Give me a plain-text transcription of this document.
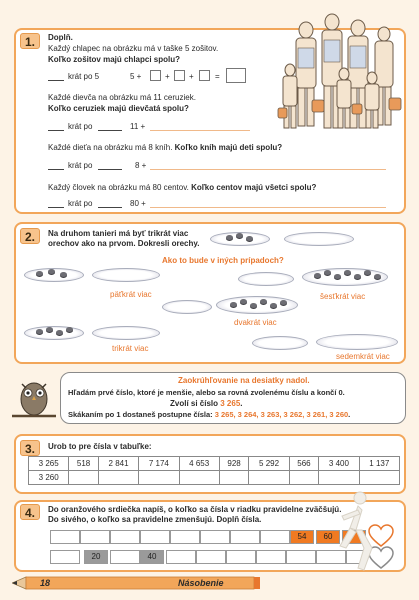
1.	Doplň.
Každý chlapec na obrázku má v taške 5 zošitov.
Koľko zošitov majú chlapci spolu?
krát po 5	5 +	+ +	=
Každé dievča na obrázku má 11 ceruziek.
Koľko ceruziek majú dievčatá spolu?
krát po	11 +
Každé dieťa na obrázku má 8 kníh. Koľko kníh majú deti spolu?
krát po	8 +
Každý človek na obrázku má 80 centov. Koľko centov majú všetci spolu?
krát po	80 +
2.	Na druhom tanieri má byť trikrát viac
orechov ako na prvom. Dokresli orechy.
Ako to bude v iných prípadoch?
päťkrát viac	šesťkrát viac
dvakrát viac
trikrát viac
sedemkrát viac
Zaokrúhľovanie na desiatky nadol.
Hľadám prvé číslo, ktoré je menšie, alebo sa rovná zvolenému číslu a končí 0.
Zvolí si číslo 3 265.
Skákaním po 1 dostaneš postupne čísla: 3 265, 3 264, 3 263, 3 262, 3 261, 3 260.
3.	Urob to pre čísla v tabuľke:
3 265	518	2 841	7 174	4 653	928	5 292	566	3 400	1 137
3 260									
4.	Do oranžového srdiečka napíš, o koľko sa čísla v riadku pravidelne zväčšujú.
Do sivého, o koľko sa pravidelne zmenšujú. Doplň čísla.
54	60
20	40
18	Násobenie
